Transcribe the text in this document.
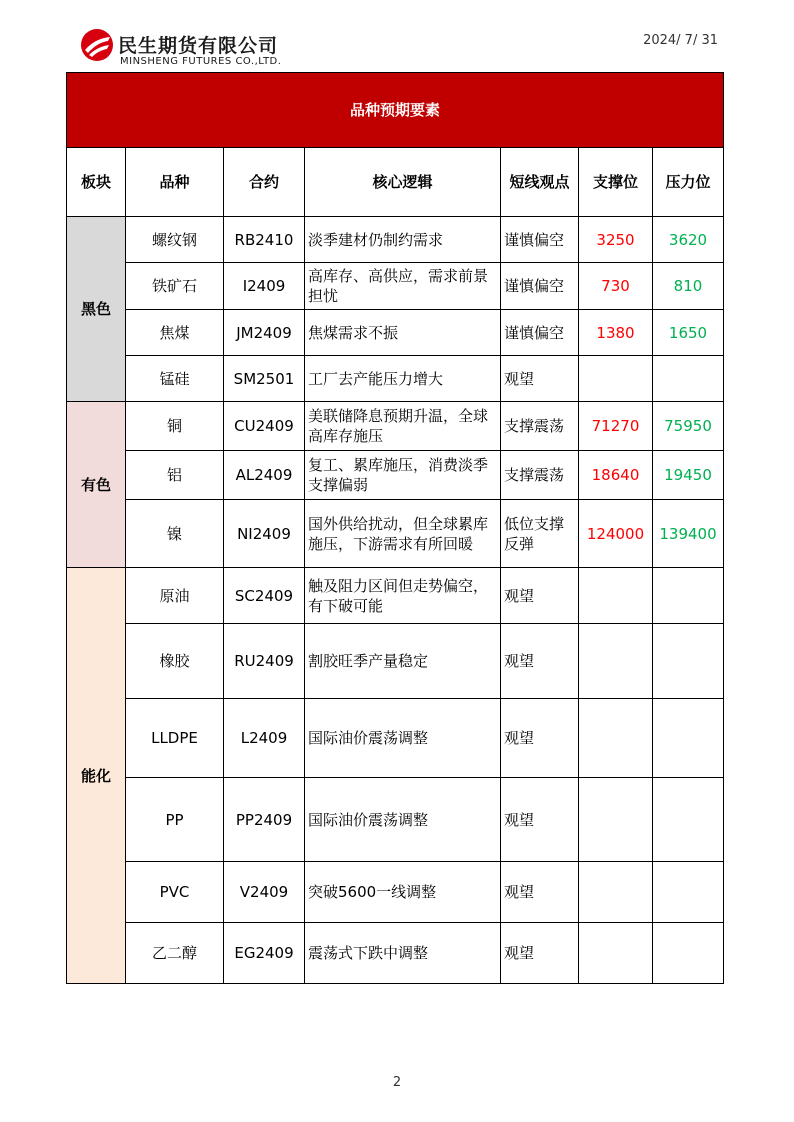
民生期货有限公司
MINSHENG FUTURES CO.,LTD.
2024/ 7/ 31
品种预期要素						
板块	品种	合约	核心逻辑	短线观点	支撑位	压力位
黑色	螺纹钢	RB2410	淡季建材仍制约需求	谨慎偏空	3250	3620
	铁矿石	I2409	高库存、高供应，需求前景担忧	谨慎偏空	730	810
	焦煤	JM2409	焦煤需求不振	谨慎偏空	1380	1650
	锰硅	SM2501	工厂去产能压力增大	观望		
有色	铜	CU2409	美联储降息预期升温，全球高库存施压	支撑震荡	71270	75950
	铝	AL2409	复工、累库施压，消费淡季支撑偏弱	支撑震荡	18640	19450
	镍	NI2409	国外供给扰动，但全球累库施压，下游需求有所回暖	低位支撑反弹	124000	139400
能化	原油	SC2409	触及阻力区间但走势偏空，有下破可能	观望		
	橡胶	RU2409	割胶旺季产量稳定	观望		
	LLDPE	L2409	国际油价震荡调整	观望		
	PP	PP2409	国际油价震荡调整	观望		
	PVC	V2409	突破5600一线调整	观望		
	乙二醇	EG2409	震荡式下跌中调整	观望		
2
